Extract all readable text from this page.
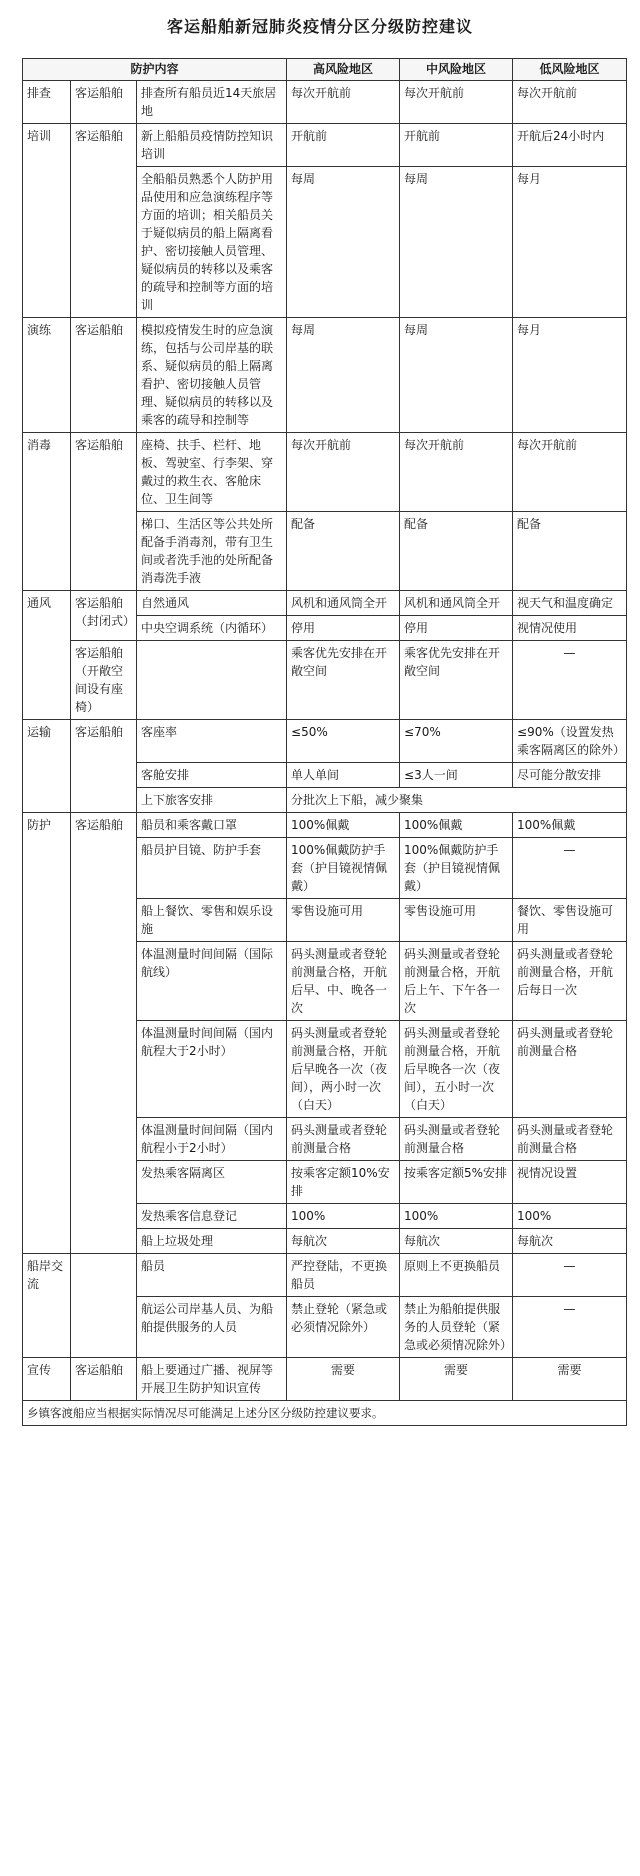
客运船舶新冠肺炎疫情分区分级防控建议
防护内容			高风险地区	中风险地区	低风险地区
排查	客运船舶	排查所有船员近14天旅居地	每次开航前	每次开航前	每次开航前
培训	客运船舶	新上船船员疫情防控知识培训	开航前	开航前	开航后24小时内
		全船船员熟悉个人防护用品使用和应急演练程序等方面的培训；相关船员关于疑似病员的船上隔离看护、密切接触人员管理、疑似病员的转移以及乘客的疏导和控制等方面的培训	每周	每周	每月
演练	客运船舶	模拟疫情发生时的应急演练，包括与公司岸基的联系、疑似病员的船上隔离看护、密切接触人员管理、疑似病员的转移以及乘客的疏导和控制等	每周	每周	每月
消毒	客运船舶	座椅、扶手、栏杆、地板、驾驶室、行李架、穿戴过的救生衣、客舱床位、卫生间等	每次开航前	每次开航前	每次开航前
		梯口、生活区等公共处所配备手消毒剂，带有卫生间或者洗手池的处所配备消毒洗手液	配备	配备	配备
通风	客运船舶（封闭式）	自然通风	风机和通风筒全开	风机和通风筒全开	视天气和温度确定
		中央空调系统（内循环）	停用	停用	视情况使用
	客运船舶（开敞空间设有座椅）		乘客优先安排在开敞空间	乘客优先安排在开敞空间	—
运输	客运船舶	客座率	≤50%	≤70%	≤90%（设置发热乘客隔离区的除外）
		客舱安排	单人单间	≤3人一间	尽可能分散安排
		上下旅客安排	分批次上下船，减少聚集		
防护	客运船舶	船员和乘客戴口罩	100%佩戴	100%佩戴	100%佩戴
		船员护目镜、防护手套	100%佩戴防护手套（护目镜视情佩戴）	100%佩戴防护手套（护目镜视情佩戴）	—
		船上餐饮、零售和娱乐设施	零售设施可用	零售设施可用	餐饮、零售设施可用
		体温测量时间间隔（国际航线）	码头测量或者登轮前测量合格，开航后早、中、晚各一次	码头测量或者登轮前测量合格，开航后上午、下午各一次	码头测量或者登轮前测量合格，开航后每日一次
		体温测量时间间隔（国内航程大于2小时）	码头测量或者登轮前测量合格，开航后早晚各一次（夜间），两小时一次（白天）	码头测量或者登轮前测量合格，开航后早晚各一次（夜间），五小时一次（白天）	码头测量或者登轮前测量合格
		体温测量时间间隔（国内航程小于2小时）	码头测量或者登轮前测量合格	码头测量或者登轮前测量合格	码头测量或者登轮前测量合格
		发热乘客隔离区	按乘客定额10%安排	按乘客定额5%安排	视情况设置
		发热乘客信息登记	100%	100%	100%
		船上垃圾处理	每航次	每航次	每航次
船岸交流		船员	严控登陆，不更换船员	原则上不更换船员	—
		航运公司岸基人员、为船舶提供服务的人员	禁止登轮（紧急或必须情况除外）	禁止为船舶提供服务的人员登轮（紧急或必须情况除外）	—
宣传	客运船舶	船上要通过广播、视屏等开展卫生防护知识宣传	需要	需要	需要
乡镇客渡船应当根据实际情况尽可能满足上述分区分级防控建议要求。					
